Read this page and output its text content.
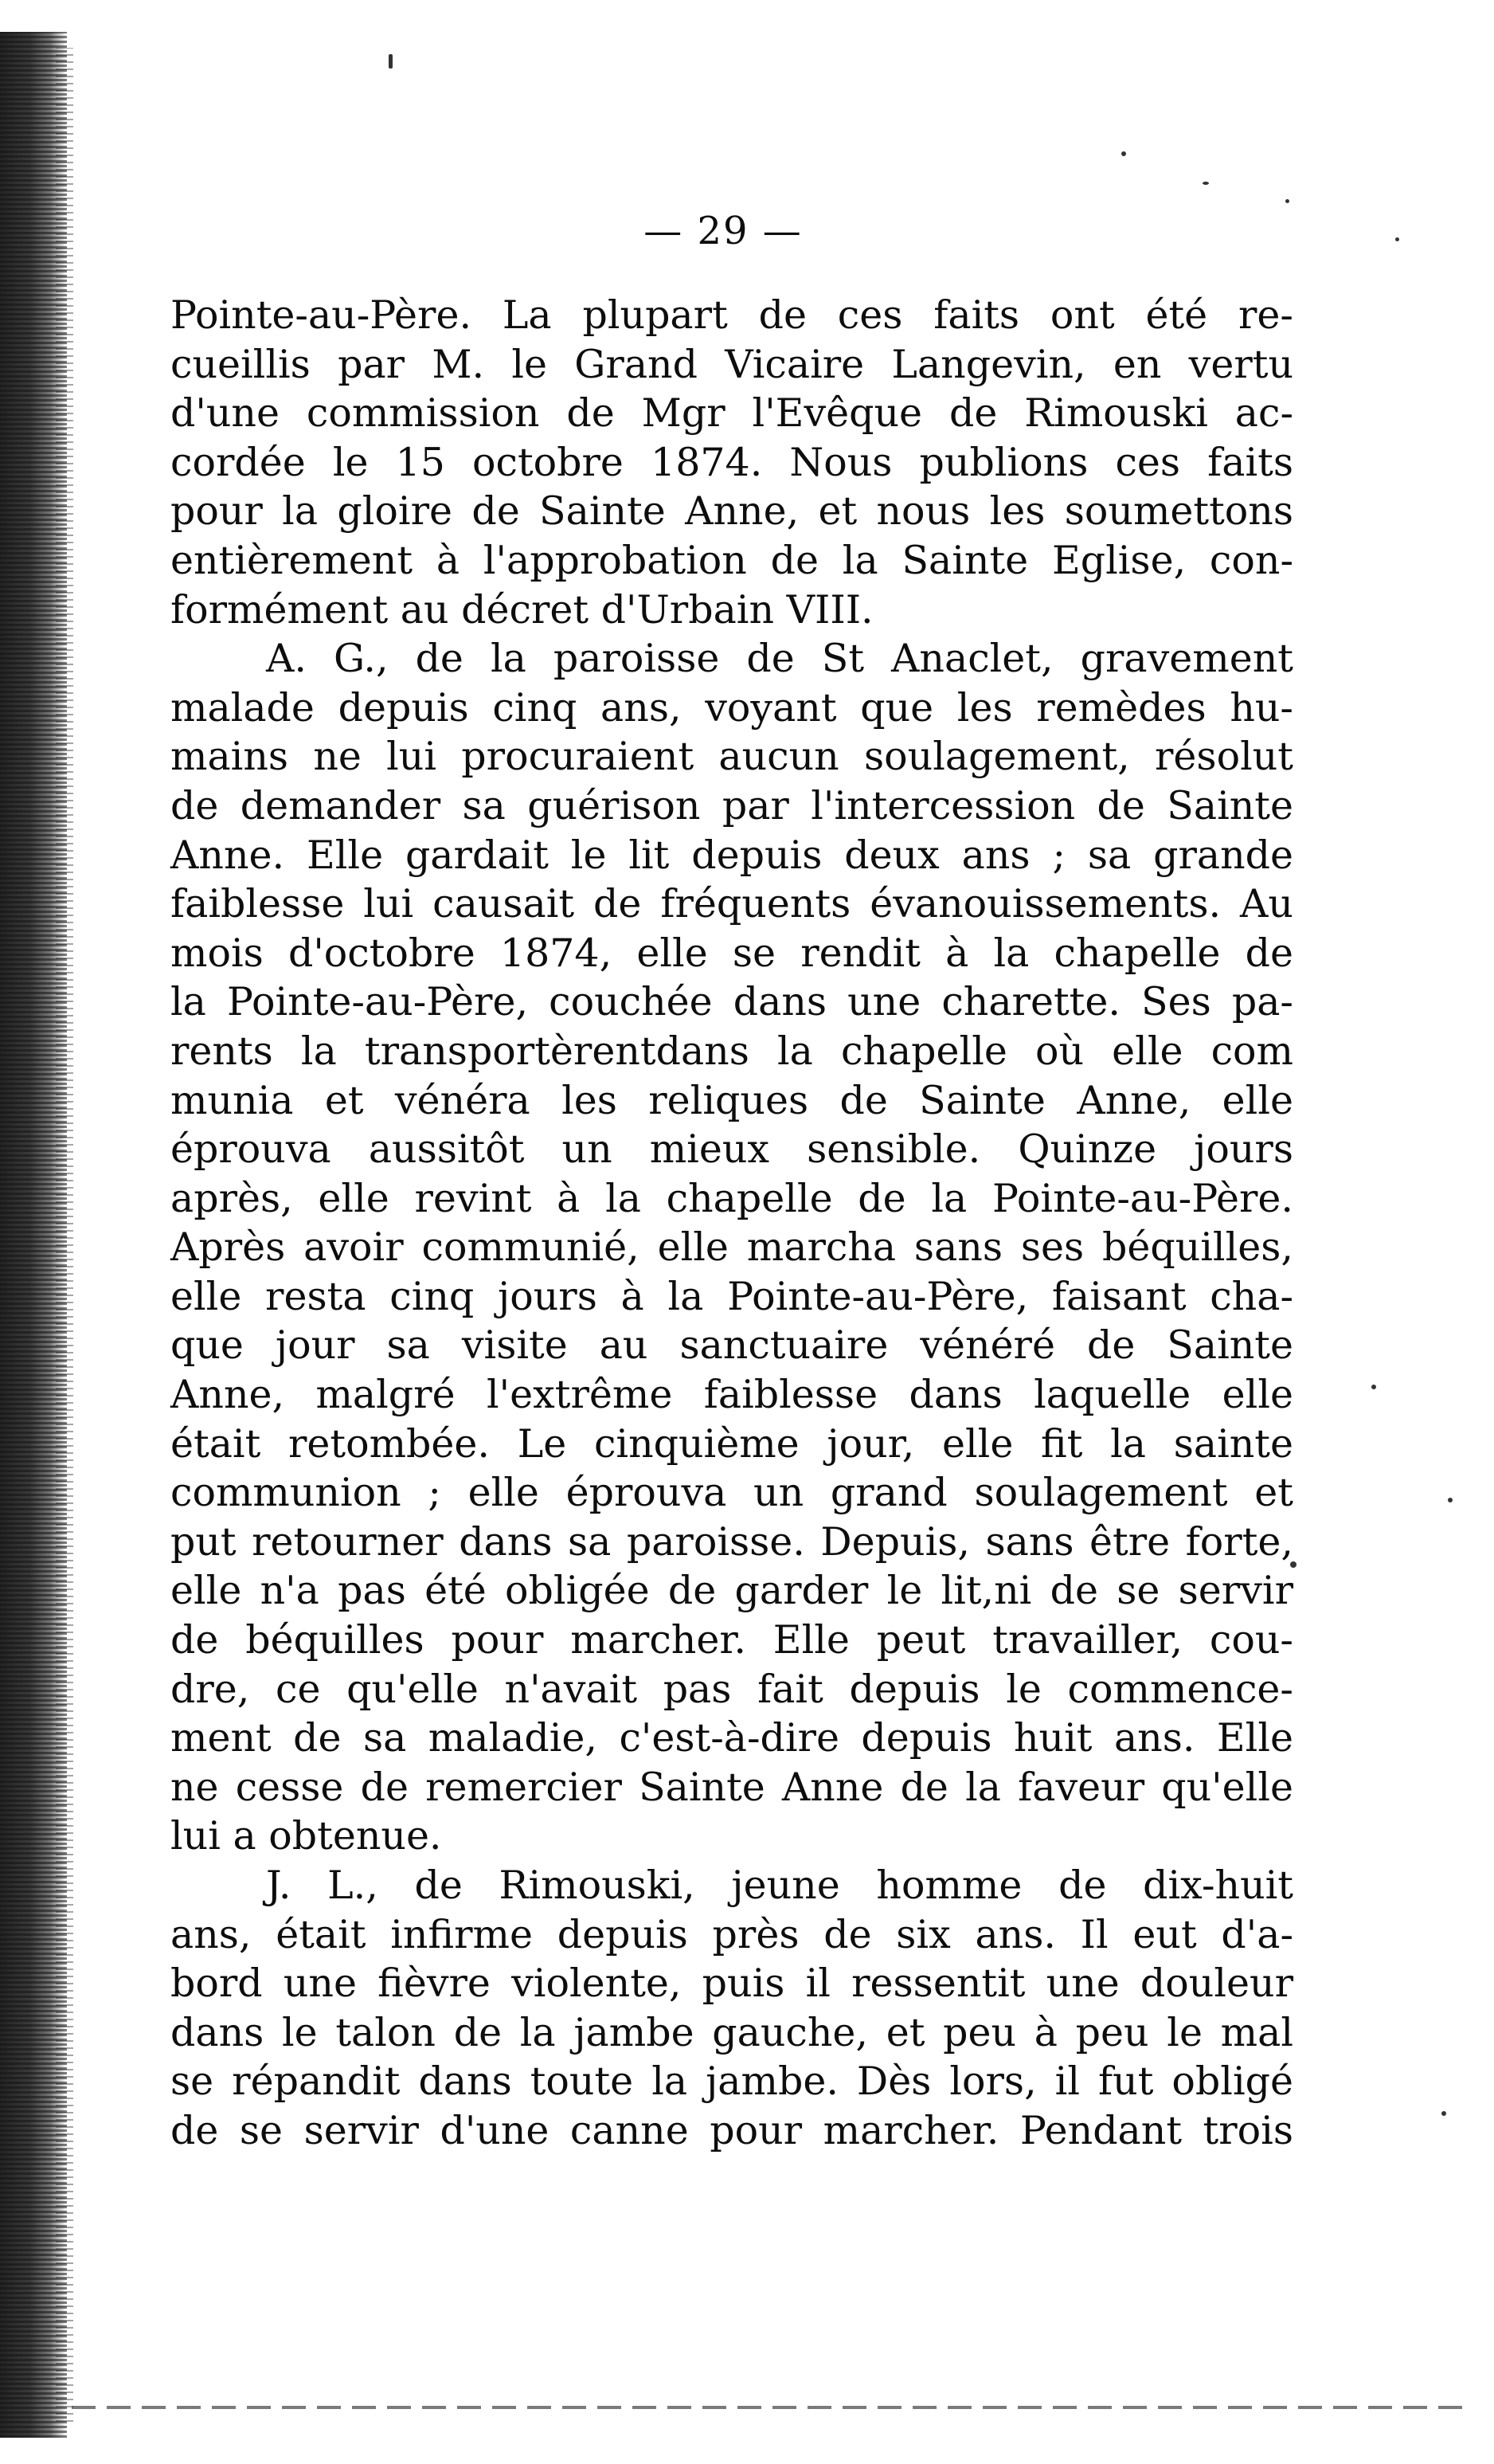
— 29 —
Pointe-au-Père. La plupart de ces faits ont été re-
cueillis par M. le Grand Vicaire Langevin, en vertu
d'une commission de Mgr l'Evêque de Rimouski ac-
cordée le 15 octobre 1874. Nous publions ces faits
pour la gloire de Sainte Anne, et nous les soumettons
entièrement à l'approbation de la Sainte Eglise, con-
formément au décret d'Urbain VIII.
A. G., de la paroisse de St Anaclet, gravement
malade depuis cinq ans, voyant que les remèdes hu-
mains ne lui procuraient aucun soulagement, résolut
de demander sa guérison par l'intercession de Sainte
Anne. Elle gardait le lit depuis deux ans ; sa grande
faiblesse lui causait de fréquents évanouissements. Au
mois d'octobre 1874, elle se rendit à la chapelle de
la Pointe-au-Père, couchée dans une charette. Ses pa-
rents la transportèrentdans la chapelle où elle com
munia et vénéra les reliques de Sainte Anne, elle
éprouva aussitôt un mieux sensible. Quinze jours
après, elle revint à la chapelle de la Pointe-au-Père.
Après avoir communié, elle marcha sans ses béquilles,
elle resta cinq jours à la Pointe-au-Père, faisant cha-
que jour sa visite au sanctuaire vénéré de Sainte
Anne, malgré l'extrême faiblesse dans laquelle elle
était retombée. Le cinquième jour, elle fit la sainte
communion ; elle éprouva un grand soulagement et
put retourner dans sa paroisse. Depuis, sans être forte,
elle n'a pas été obligée de garder le lit,ni de se servir
de béquilles pour marcher. Elle peut travailler, cou-
dre, ce qu'elle n'avait pas fait depuis le commence-
ment de sa maladie, c'est-à-dire depuis huit ans. Elle
ne cesse de remercier Sainte Anne de la faveur qu'elle
lui a obtenue.
J. L., de Rimouski, jeune homme de dix-huit
ans, était infirme depuis près de six ans. Il eut d'a-
bord une fièvre violente, puis il ressentit une douleur
dans le talon de la jambe gauche, et peu à peu le mal
se répandit dans toute la jambe. Dès lors, il fut obligé
de se servir d'une canne pour marcher. Pendant trois
